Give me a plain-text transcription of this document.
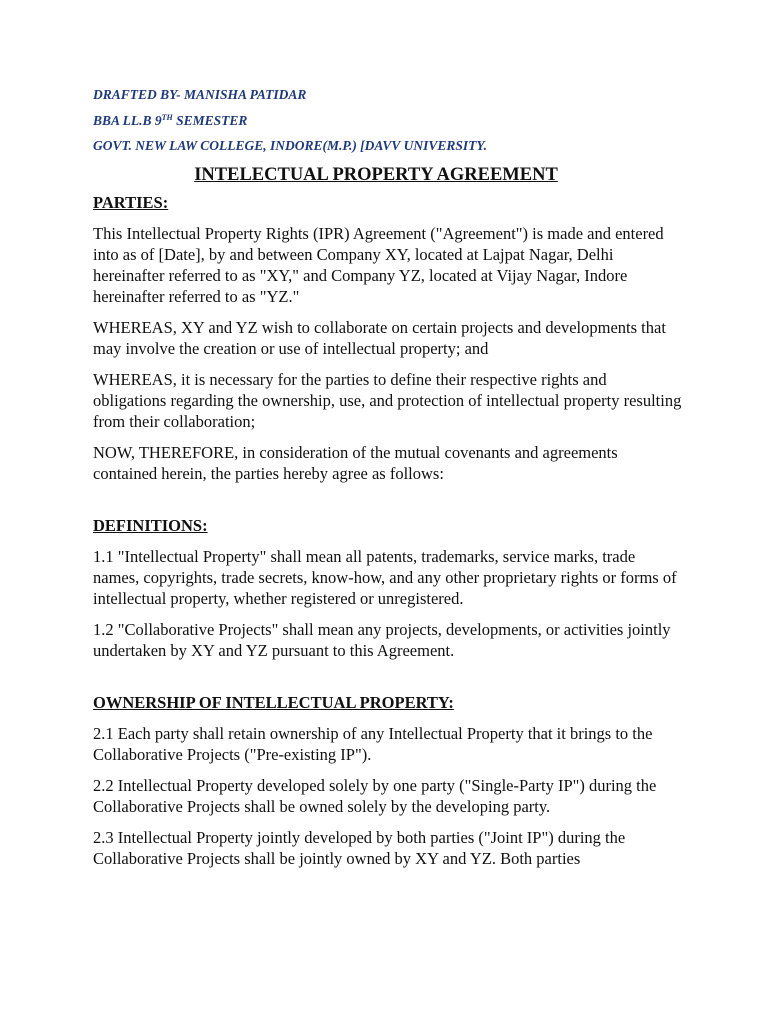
DRAFTED BY- MANISHA PATIDAR

BBA LL.B 9TH SEMESTER

GOVT. NEW LAW COLLEGE, INDORE(M.P.) [DAVV UNIVERSITY.

INTELECTUAL PROPERTY AGREEMENT
PARTIES:

This Intellectual Property Rights (IPR) Agreement ("Agreement") is made and entered into as of [Date], by and between Company XY, located at Lajpat Nagar, Delhi hereinafter referred to as "XY," and Company YZ, located at Vijay Nagar, Indore hereinafter referred to as "YZ."

WHEREAS, XY and YZ wish to collaborate on certain projects and developments that may involve the creation or use of intellectual property; and

WHEREAS, it is necessary for the parties to define their respective rights and obligations regarding the ownership, use, and protection of intellectual property resulting from their collaboration;

NOW, THEREFORE, in consideration of the mutual covenants and agreements contained herein, the parties hereby agree as follows:

DEFINITIONS:

1.1 "Intellectual Property" shall mean all patents, trademarks, service marks, trade names, copyrights, trade secrets, know-how, and any other proprietary rights or forms of intellectual property, whether registered or unregistered.

1.2 "Collaborative Projects" shall mean any projects, developments, or activities jointly undertaken by XY and YZ pursuant to this Agreement.

OWNERSHIP OF INTELLECTUAL PROPERTY:

2.1 Each party shall retain ownership of any Intellectual Property that it brings to the Collaborative Projects ("Pre-existing IP").

2.2 Intellectual Property developed solely by one party ("Single-Party IP") during the Collaborative Projects shall be owned solely by the developing party.

2.3 Intellectual Property jointly developed by both parties ("Joint IP") during the Collaborative Projects shall be jointly owned by XY and YZ. Both parties
